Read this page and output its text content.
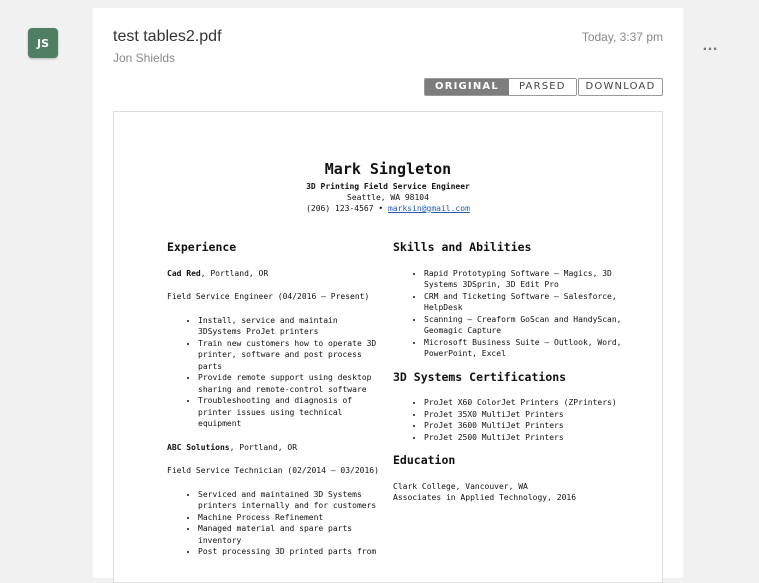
JS	test tables2.pdf
Jon Shields
Today, 3:37 pm …
ORIGINAL	PARSED	DOWNLOAD
Mark Singleton
3D Printing Field Service Engineer
Seattle, WA 98104
(206) 123-4567 • marksin@gmail.com
Experience
Cad Red, Portland, OR
Field Service Engineer (04/2016 – Present)
• Install, service and maintain 3DSystems ProJet printers
• Train new customers how to operate 3D printer, software and post process parts
• Provide remote support using desktop sharing and remote-control software
• Troubleshooting and diagnosis of printer issues using technical equipment
ABC Solutions, Portland, OR
Field Service Technician (02/2014 – 03/2016)
• Serviced and maintained 3D Systems printers internally and for customers
• Machine Process Refinement
• Managed material and spare parts inventory
• Post processing 3D printed parts from
Skills and Abilities
• Rapid Prototyping Software – Magics, 3D Systems 3DSprin, 3D Edit Pro
• CRM and Ticketing Software – Salesforce, HelpDesk
• Scanning – Creaform GoScan and HandyScan, Geomagic Capture
• Microsoft Business Suite – Outlook, Word, PowerPoint, Excel
3D Systems Certifications
• ProJet X60 ColorJet Printers (ZPrinters)
• ProJet 35X0 MultiJet Printers
• ProJet 3600 MultiJet Printers
• ProJet 2500 MultiJet Printers
Education
Clark College, Vancouver, WA
Associates in Applied Technology, 2016
